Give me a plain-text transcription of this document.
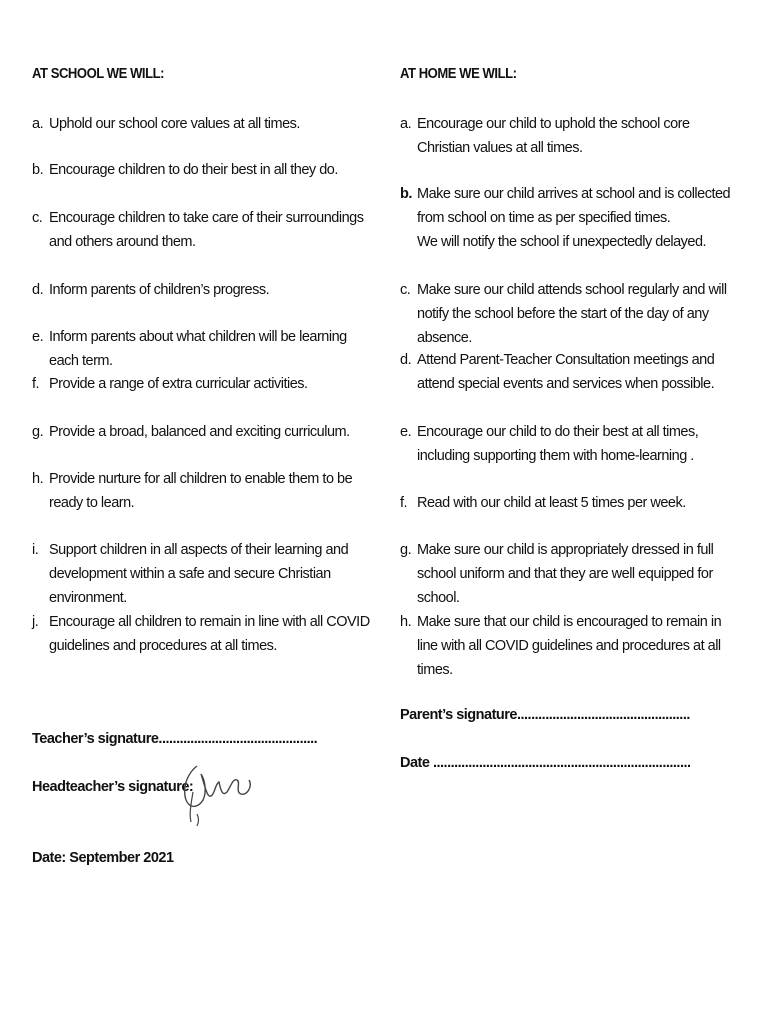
AT SCHOOL WE WILL:
a. Uphold our school core values at all times.
b. Encourage children to do their best in all they do.
c. Encourage children to take care of their surroundings and others around them.
d. Inform parents of children’s progress.
e. Inform parents about what children will be learning each term.
f. Provide a range of extra curricular activities.
g. Provide a broad, balanced and exciting curriculum.
h. Provide nurture for all children to enable them to be ready to learn.
i. Support children in all aspects of their learning and development within a safe and secure Christian environment.
j. Encourage all children to remain in line with all COVID guidelines and procedures at all times.
Teacher’s signature.............................................
Headteacher’s signature:
Date: September 2021
AT HOME WE WILL:
a. Encourage our child to uphold the school core Christian values at all times.
b. Make sure our child arrives at school and is collected from school on time as per specified times.
We will notify the school if unexpectedly delayed.
c. Make sure our child attends school regularly and will notify the school before the start of the day of any absence.
d. Attend Parent-Teacher Consultation meetings and attend special events and services when possible.
e. Encourage our child to do their best at all times, including supporting them with home-learning .
f. Read with our child at least 5 times per week.
g. Make sure our child is appropriately dressed in full school uniform and that they are well equipped for school.
h. Make sure that our child is encouraged to remain in line with all COVID guidelines and procedures at all times.
Parent’s signature.................................................
Date .........................................................................
